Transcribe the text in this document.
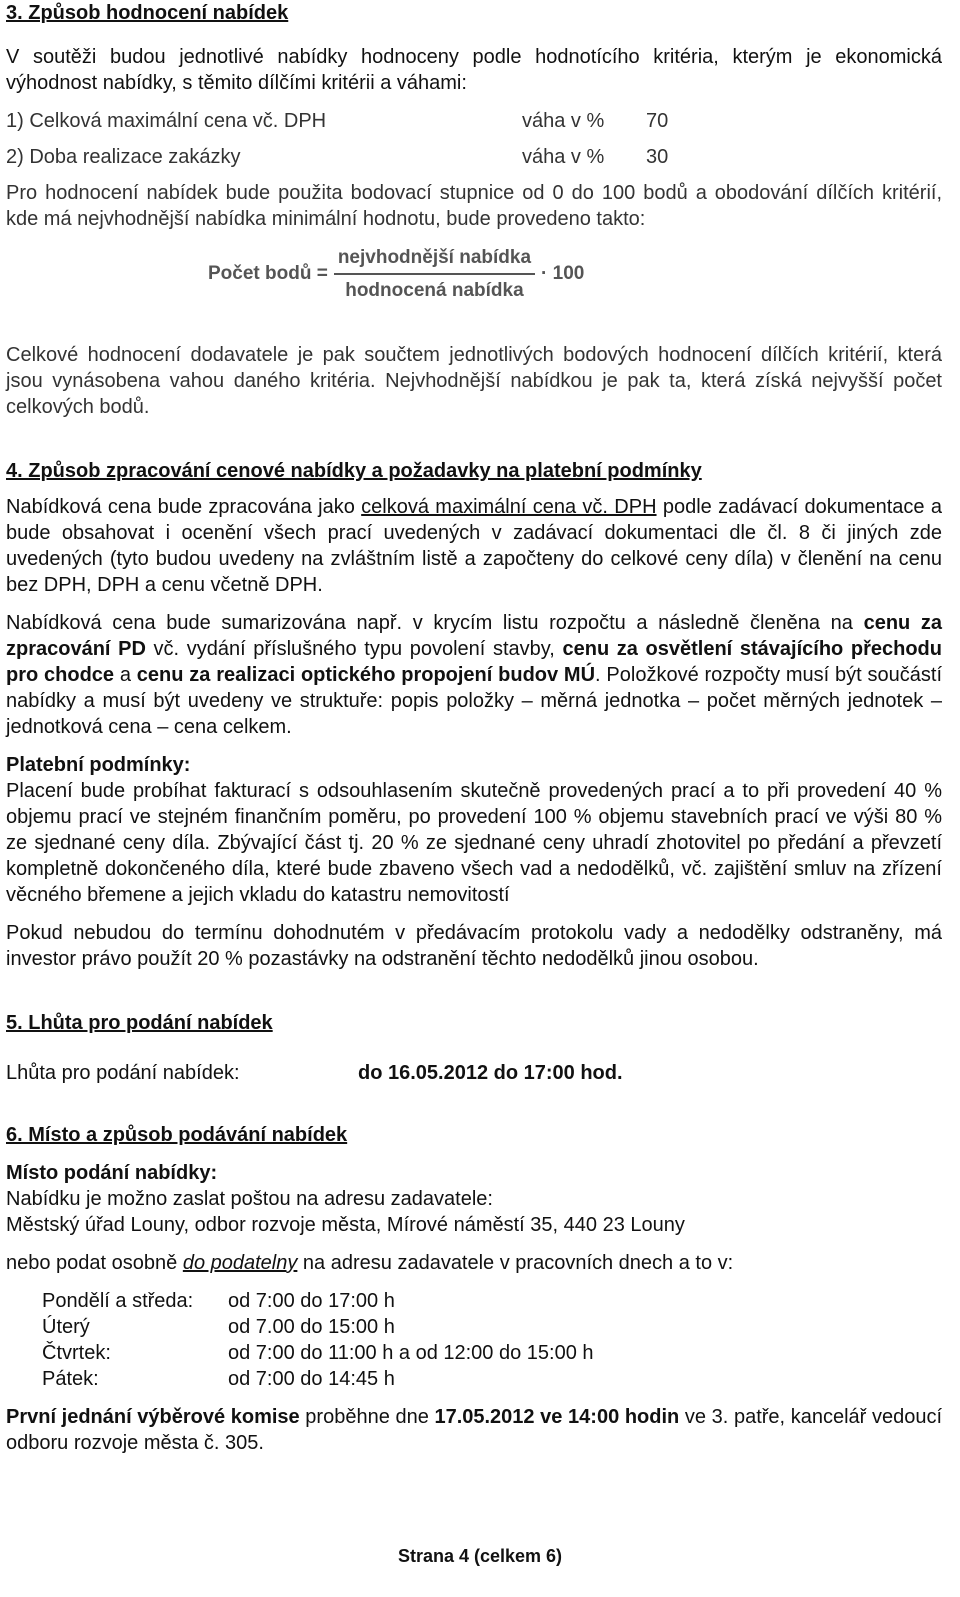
3. Způsob hodnocení nabídek

V soutěži budou jednotlivé nabídky hodnoceny podle hodnotícího kritéria, kterým je ekonomická výhodnost nabídky, s těmito dílčími kritérii a váhami:

1) Celková maximální cena vč. DPH	váha v %	70
2) Doba realizace zakázky	váha v %	30

Pro hodnocení nabídek bude použita bodovací stupnice od 0 do 100 bodů a obodování dílčích kritérií, kde má nejvhodnější nabídka minimální hodnotu, bude provedeno takto:

Počet bodů = $\frac{\text{nejvhodnější nabídka}}{\text{hodnocená nabídka}} \cdot 100$

Celkové hodnocení dodavatele je pak součtem jednotlivých bodových hodnocení dílčích kritérií, která jsou vynásobena vahou daného kritéria. Nejvhodnější nabídkou je pak ta, která získá nejvyšší počet celkových bodů.

4. Způsob zpracování cenové nabídky a požadavky na platební podmínky

Nabídková cena bude zpracována jako celková maximální cena vč. DPH podle zadávací dokumentace a bude obsahovat i ocenění všech prací uvedených v zadávací dokumentaci dle čl. 8 či jiných zde uvedených (tyto budou uvedeny na zvláštním listě a započteny do celkové ceny díla) v členění na cenu bez DPH, DPH a cenu včetně DPH.

Nabídková cena bude sumarizována např. v krycím listu rozpočtu a následně členěna na cenu za zpracování PD vč. vydání příslušného typu povolení stavby, cenu za osvětlení stávajícího přechodu pro chodce a cenu za realizaci optického propojení budov MÚ. Položkové rozpočty musí být součástí nabídky a musí být uvedeny ve struktuře: popis položky – měrná jednotka – počet měrných jednotek – jednotková cena – cena celkem.

Platební podmínky:

Placení bude probíhat fakturací s odsouhlasením skutečně provedených prací a to při provedení 40 % objemu prací ve stejném finančním poměru, po provedení 100 % objemu stavebních prací ve výši 80 % ze sjednané ceny díla. Zbývající část tj. 20 % ze sjednané ceny uhradí zhotovitel po předání a převzetí kompletně dokončeného díla, které bude zbaveno všech vad a nedodělků, vč. zajištění smluv na zřízení věcného břemene a jejich vkladu do katastru nemovitostí

Pokud nebudou do termínu dohodnutém v předávacím protokolu vady a nedodělky odstraněny, má investor právo použít 20 % pozastávky na odstranění těchto nedodělků jinou osobou.

5. Lhůta pro podání nabídek

Lhůta pro podání nabídek:	do 16.05.2012 do 17:00 hod.

6. Místo a způsob podávání nabídek

Místo podání nabídky:

Nabídku je možno zaslat poštou na adresu zadavatele:

Městský úřad Louny, odbor rozvoje města, Mírové náměstí 35, 440 23 Louny

nebo podat osobně do podatelny na adresu zadavatele v pracovních dnech a to v:

Pondělí a středa:	od 7:00 do 17:00 h
Úterý	od 7.00 do 15:00 h
Čtvrtek:	od 7:00 do 11:00 h a od 12:00 do 15:00 h
Pátek:	od 7:00 do 14:45 h

První jednání výběrové komise proběhne dne 17.05.2012 ve 14:00 hodin ve 3. patře, kancelář vedoucí odboru rozvoje města č. 305.

Strana 4 (celkem 6)
